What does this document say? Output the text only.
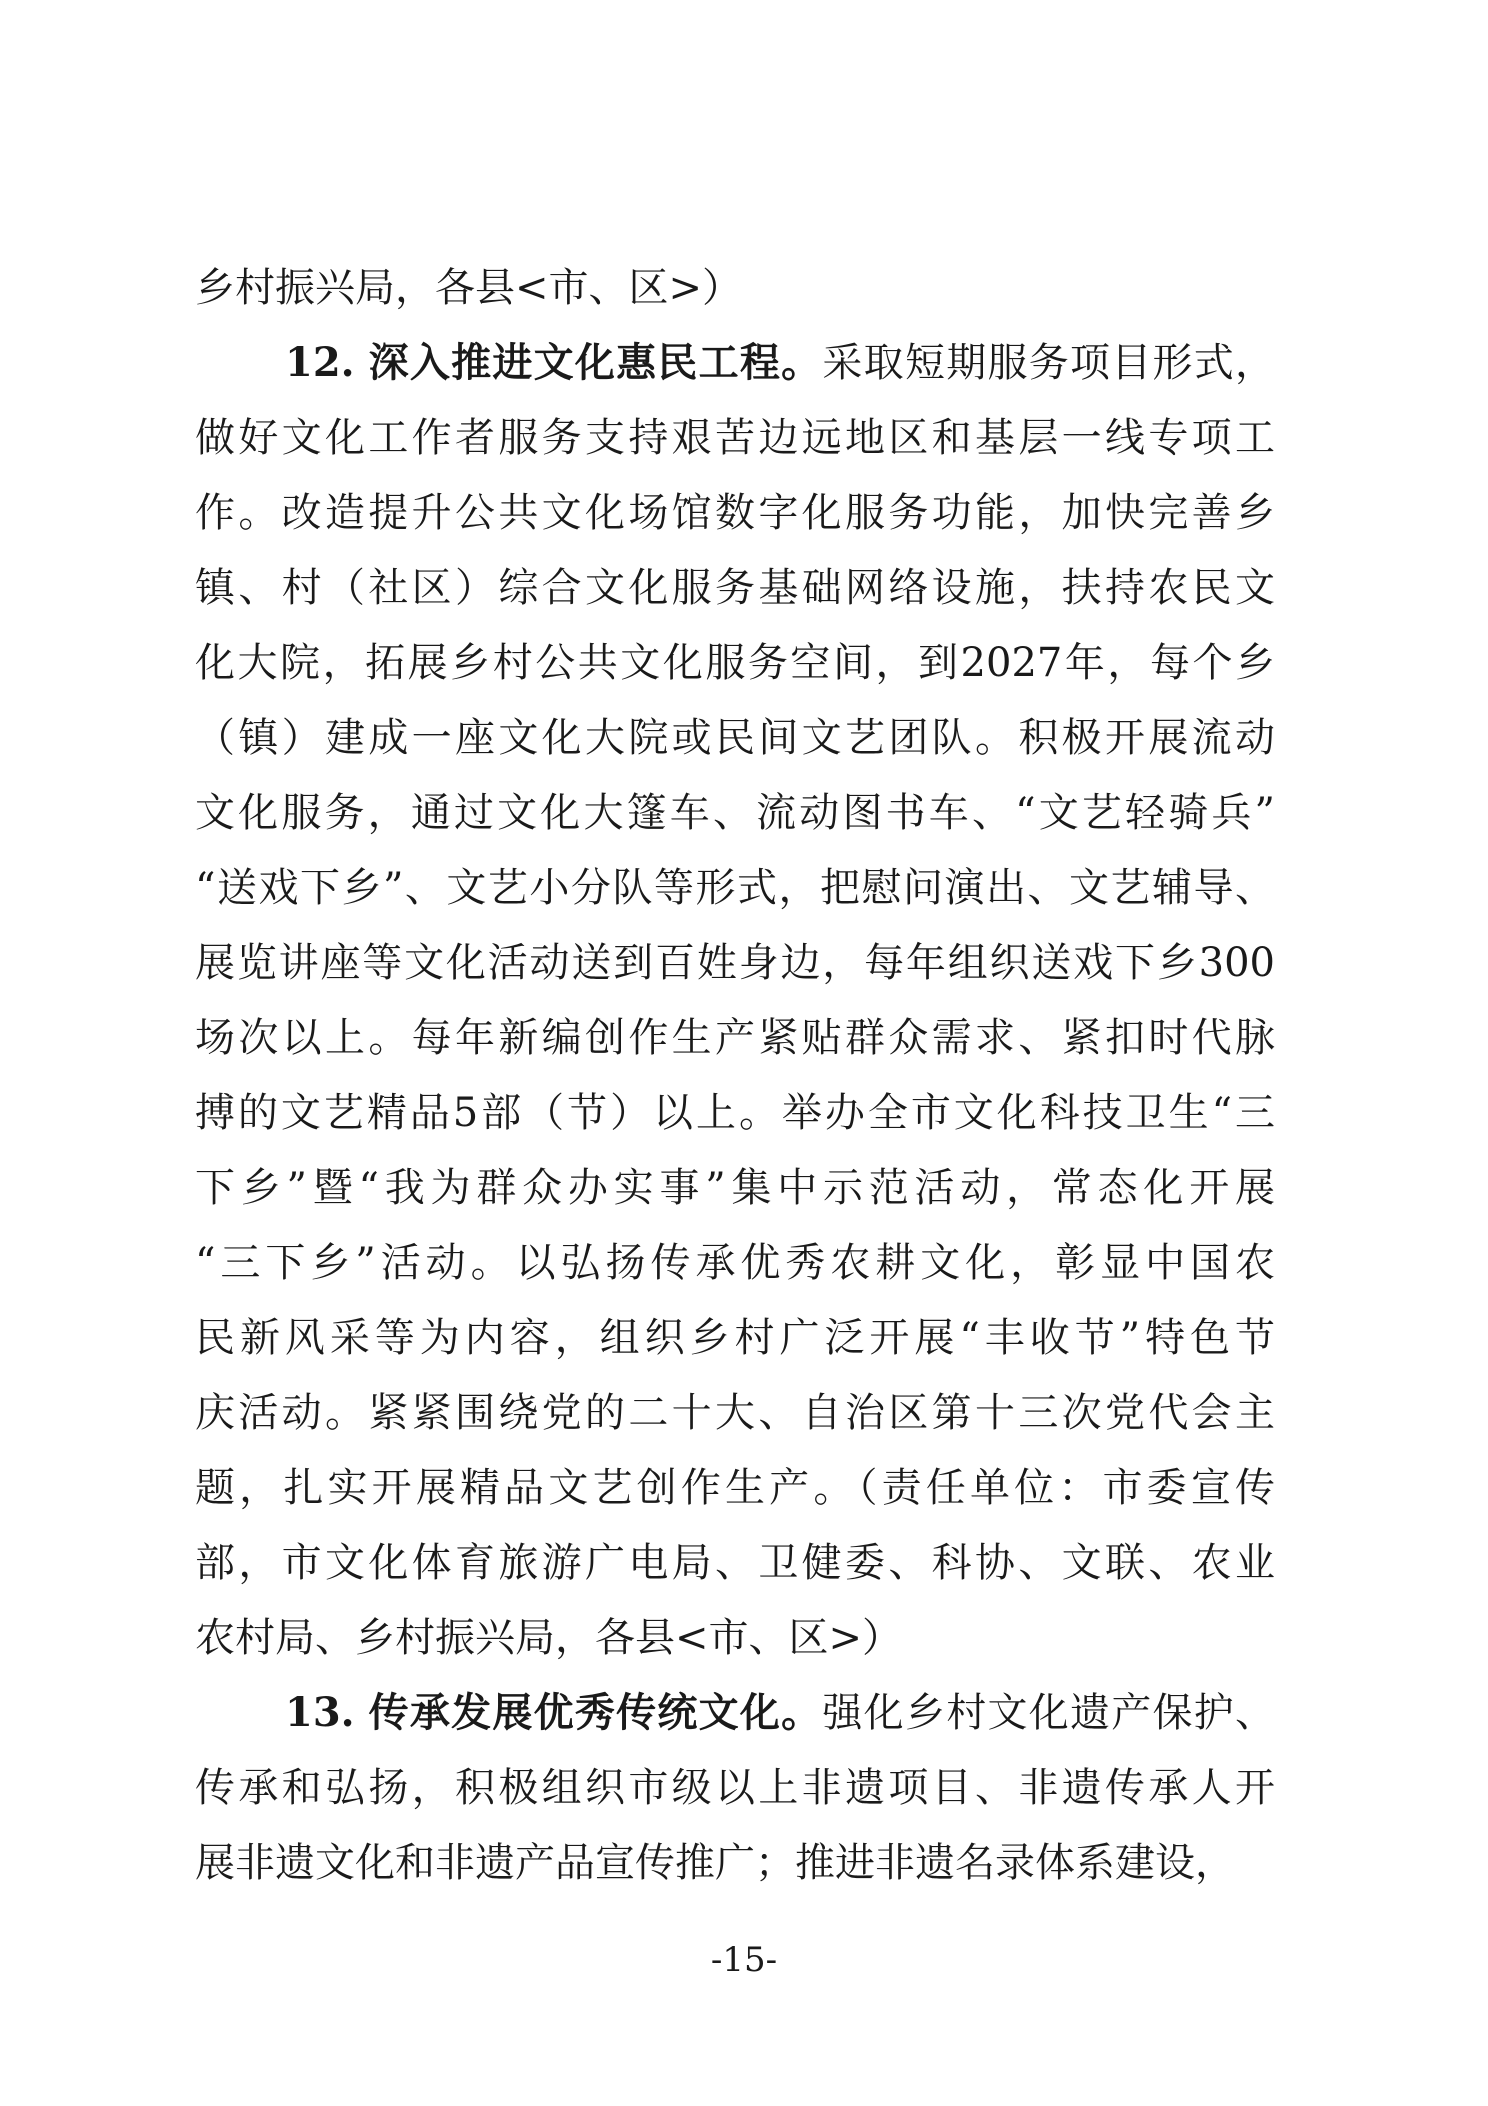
乡村振兴局，各县<市、区>）
12. 深入推进文化惠民工程。采取短期服务项目形式，
做好文化工作者服务支持艰苦边远地区和基层一线专项工
作。改造提升公共文化场馆数字化服务功能，加快完善乡
镇、村（社区）综合文化服务基础网络设施，扶持农民文
化大院，拓展乡村公共文化服务空间，到2027年，每个乡
（镇）建成一座文化大院或民间文艺团队。积极开展流动
文化服务，通过文化大篷车、流动图书车、“文艺轻骑兵”
“送戏下乡”、文艺小分队等形式，把慰问演出、文艺辅导、
展览讲座等文化活动送到百姓身边，每年组织送戏下乡300
场次以上。每年新编创作生产紧贴群众需求、紧扣时代脉
搏的文艺精品5部（节）以上。举办全市文化科技卫生“三
下乡”暨“我为群众办实事”集中示范活动，常态化开展
“三下乡”活动。以弘扬传承优秀农耕文化，彰显中国农
民新风采等为内容，组织乡村广泛开展“丰收节”特色节
庆活动。紧紧围绕党的二十大、自治区第十三次党代会主
题，扎实开展精品文艺创作生产。（责任单位：市委宣传
部，市文化体育旅游广电局、卫健委、科协、文联、农业
农村局、乡村振兴局，各县<市、区>）
13. 传承发展优秀传统文化。强化乡村文化遗产保护、
传承和弘扬，积极组织市级以上非遗项目、非遗传承人开
展非遗文化和非遗产品宣传推广；推进非遗名录体系建设，
-15-
